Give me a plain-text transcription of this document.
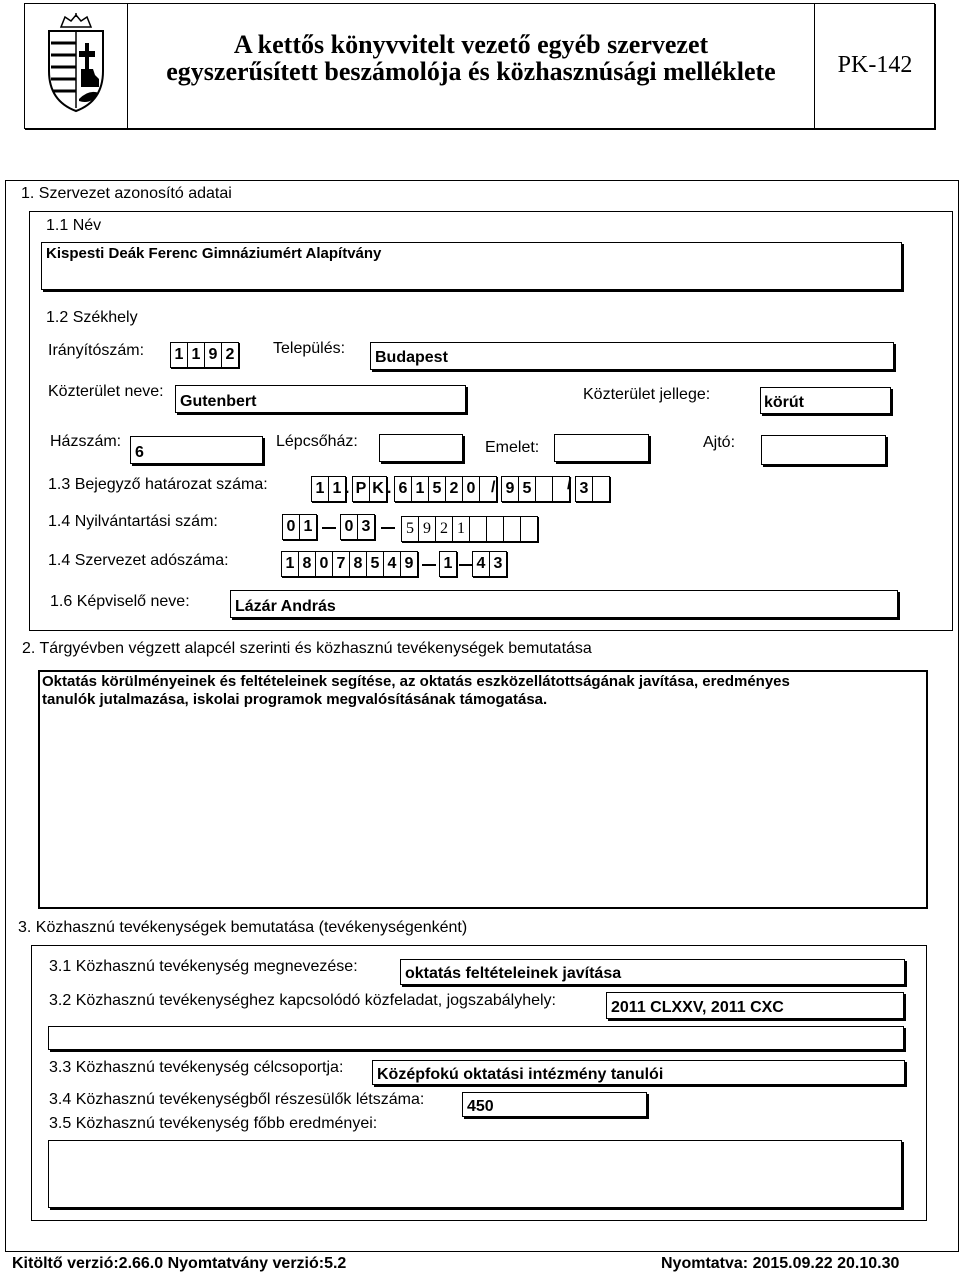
A kettős könyvvitelt vezető egyéb szervezet
egyszerűsített beszámolója és közhasznúsági melléklete	PK-142
1. Szervezet azonosító adatai
1.1 Név
Kispesti Deák Ferenc Gimnáziumért Alapítvány
1.2 Székhely
Irányítószám: 1 1 9 2 Település:
Budapest
Közterület neve:
Gutenbert	Közterület jellege:	körút
Házszám:
6
Lépcsőház:	Emelet:	Ajtó:
1.3 Bejegyző határozat száma:	1 1 . P K . 6 1 5 2 0 / 9 5 / 3
1.4 Nyilvántartási szám:	0 1 0 3	5 9 2 1
1.4 Szervezet adószáma:	1 8 0 7 8 5 4 9 1 4 3
1.6 Képviselő neve:	Lázár András
2. Tárgyévben végzett alapcél szerinti és közhasznú tevékenységek bemutatása
Oktatás körülményeinek és feltételeinek segítése, az oktatás eszközellátottságának javítása, eredményes
tanulók jutalmazása, iskolai programok megvalósításának támogatása.
3. Közhasznú tevékenységek bemutatása (tevékenységenként)
3.1 Közhasznú tevékenység megnevezése:	oktatás feltételeinek javítása
3.2 Közhasznú tevékenységhez kapcsolódó közfeladat, jogszabályhely:	2011 CLXXV, 2011 CXC
3.3 Közhasznú tevékenység célcsoportja: Középfokú oktatási intézmény tanulói
3.4 Közhasznú tevékenységből részesülők létszáma:	450
3.5 Közhasznú tevékenység főbb eredményei:
Kitöltő verzió:2.66.0 Nyomtatvány verzió:5.2	Nyomtatva: 2015.09.22 20.10.30
